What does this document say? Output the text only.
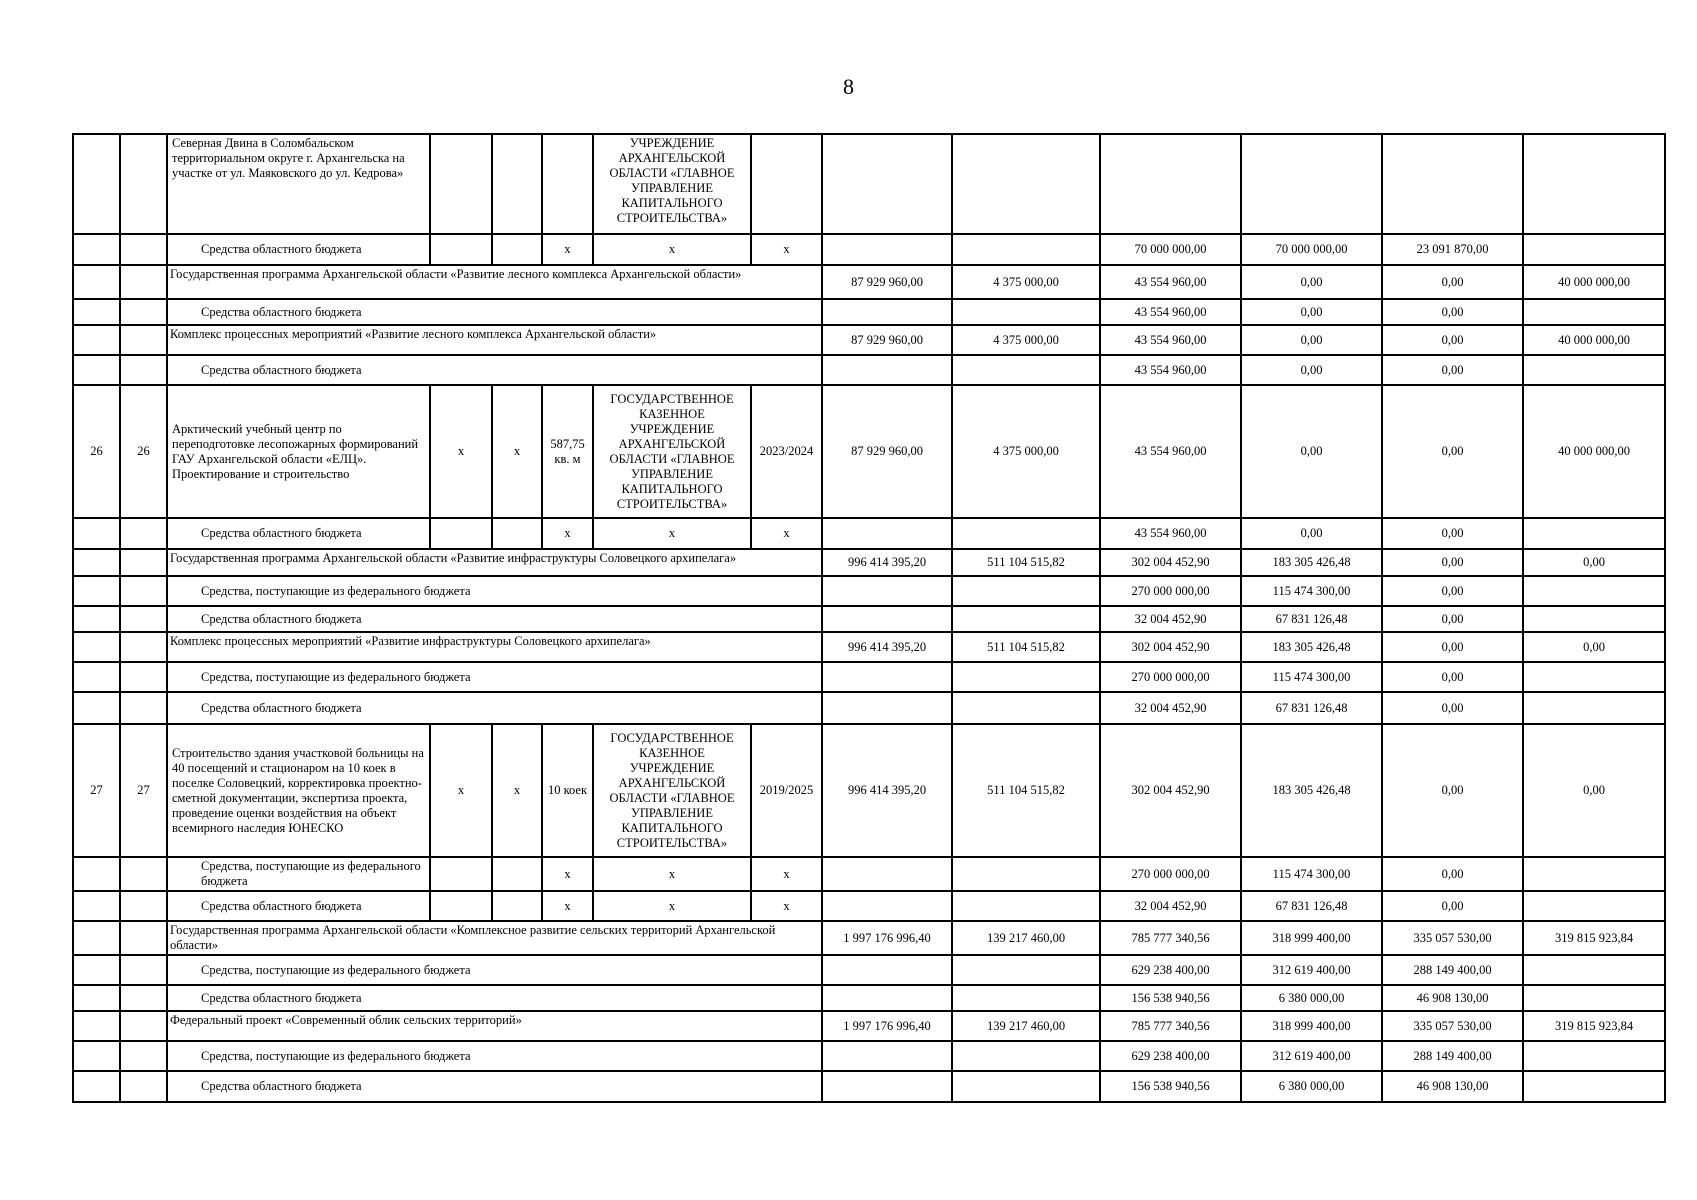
8
		Северная Двина в Соломбальском территориальном округе г. Архангельска на участке от ул. Маяковского до ул. Кедрова»				УЧРЕЖДЕНИЕ АРХАНГЕЛЬСКОЙ ОБЛАСТИ «ГЛАВНОЕ УПРАВЛЕНИЕ КАПИТАЛЬНОГО СТРОИТЕЛЬСТВА»							
		Средства областного бюджета			х	х	х			70 000 000,00	70 000 000,00	23 091 870,00	
		Государственная программа Архангельской области «Развитие лесного комплекса Архангельской области»						87 929 960,00	4 375 000,00	43 554 960,00	0,00	0,00	40 000 000,00
		Средства областного бюджета								43 554 960,00	0,00	0,00	
		Комплекс процессных мероприятий «Развитие лесного комплекса Архангельской области»						87 929 960,00	4 375 000,00	43 554 960,00	0,00	0,00	40 000 000,00
		Средства областного бюджета								43 554 960,00	0,00	0,00	
26	26	Арктический учебный центр по переподготовке лесопожарных формирований ГАУ Архангельской области «ЕЛЦ». Проектирование и строительство	х	х	587,75 кв. м	ГОСУДАРСТВЕННОЕ КАЗЕННОЕ УЧРЕЖДЕНИЕ АРХАНГЕЛЬСКОЙ ОБЛАСТИ «ГЛАВНОЕ УПРАВЛЕНИЕ КАПИТАЛЬНОГО СТРОИТЕЛЬСТВА»	2023/2024	87 929 960,00	4 375 000,00	43 554 960,00	0,00	0,00	40 000 000,00
		Средства областного бюджета			х	х	х			43 554 960,00	0,00	0,00	
		Государственная программа Архангельской области «Развитие инфраструктуры Соловецкого архипелага»						996 414 395,20	511 104 515,82	302 004 452,90	183 305 426,48	0,00	0,00
		Средства, поступающие из федерального бюджета								270 000 000,00	115 474 300,00	0,00	
		Средства областного бюджета								32 004 452,90	67 831 126,48	0,00	
		Комплекс процессных мероприятий «Развитие инфраструктуры Соловецкого архипелага»						996 414 395,20	511 104 515,82	302 004 452,90	183 305 426,48	0,00	0,00
		Средства, поступающие из федерального бюджета								270 000 000,00	115 474 300,00	0,00	
		Средства областного бюджета								32 004 452,90	67 831 126,48	0,00	
27	27	Строительство здания участковой больницы на 40 посещений и стационаром на 10 коек в поселке Соловецкий, корректировка проектно-сметной документации, экспертиза проекта, проведение оценки воздействия на объект всемирного наследия ЮНЕСКО	х	х	10 коек	ГОСУДАРСТВЕННОЕ КАЗЕННОЕ УЧРЕЖДЕНИЕ АРХАНГЕЛЬСКОЙ ОБЛАСТИ «ГЛАВНОЕ УПРАВЛЕНИЕ КАПИТАЛЬНОГО СТРОИТЕЛЬСТВА»	2019/2025	996 414 395,20	511 104 515,82	302 004 452,90	183 305 426,48	0,00	0,00
		Средства, поступающие из федерального бюджета			х	х	х			270 000 000,00	115 474 300,00	0,00	
		Средства областного бюджета			х	х	х			32 004 452,90	67 831 126,48	0,00	
		Государственная программа Архангельской области «Комплексное развитие сельских территорий Архангельской области»						1 997 176 996,40	139 217 460,00	785 777 340,56	318 999 400,00	335 057 530,00	319 815 923,84
		Средства, поступающие из федерального бюджета								629 238 400,00	312 619 400,00	288 149 400,00	
		Средства областного бюджета								156 538 940,56	6 380 000,00	46 908 130,00	
		Федеральный проект «Современный облик сельских территорий»						1 997 176 996,40	139 217 460,00	785 777 340,56	318 999 400,00	335 057 530,00	319 815 923,84
		Средства, поступающие из федерального бюджета								629 238 400,00	312 619 400,00	288 149 400,00	
		Средства областного бюджета								156 538 940,56	6 380 000,00	46 908 130,00	
